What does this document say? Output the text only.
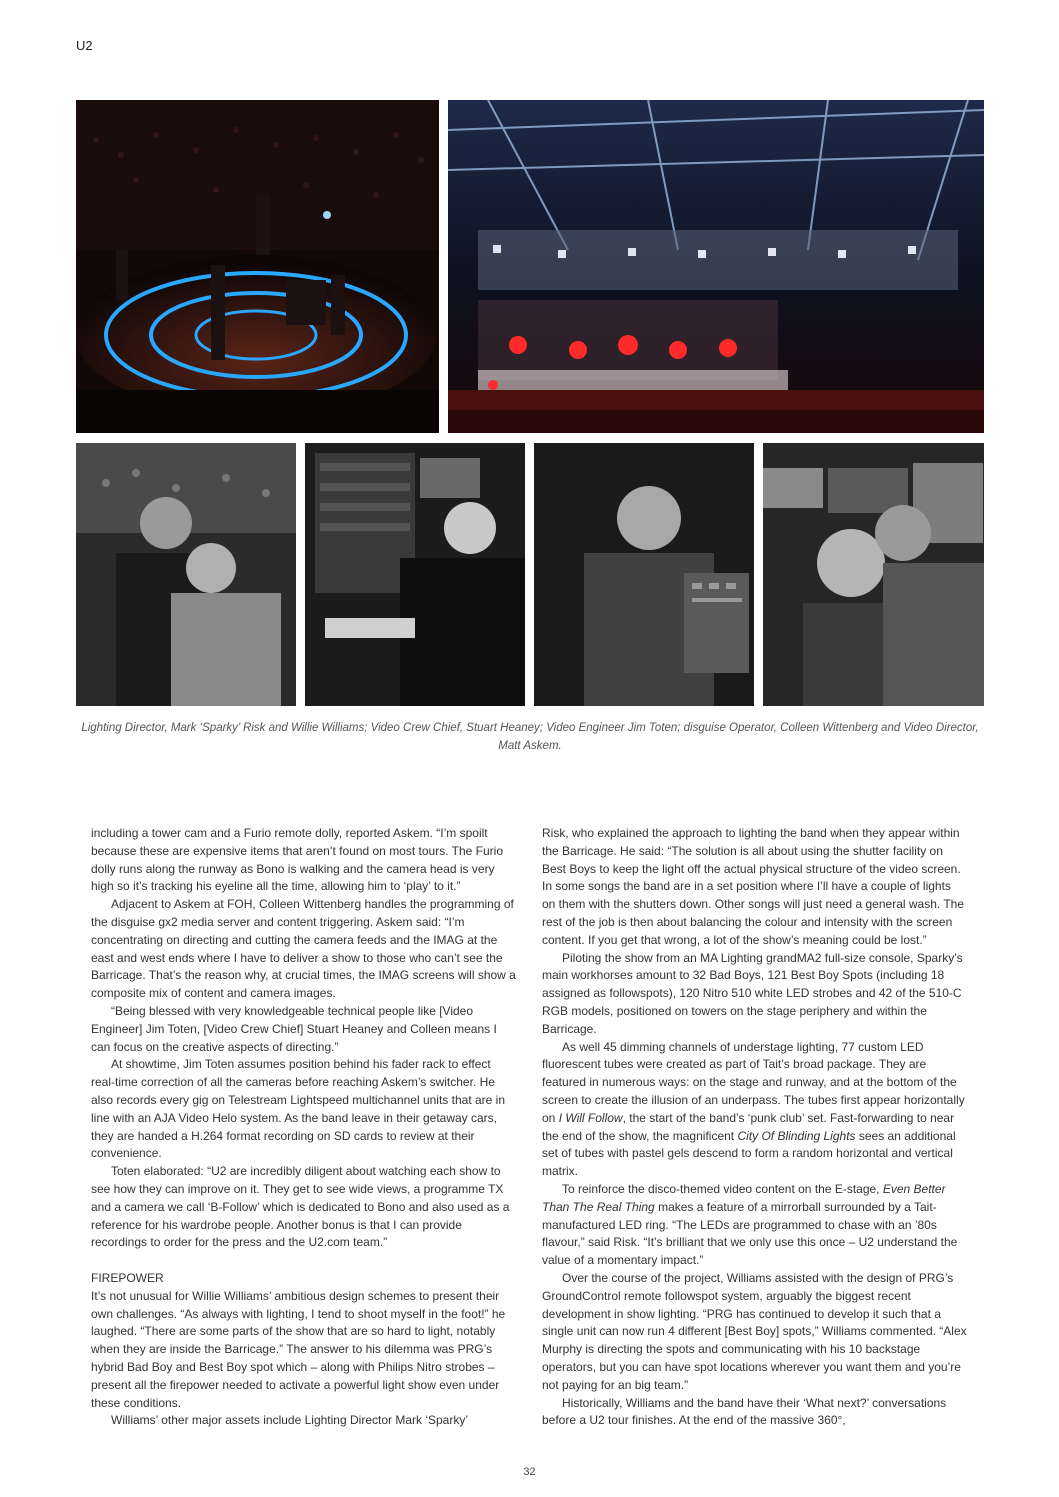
U2
Lighting Director, Mark ‘Sparky’ Risk and Willie Williams; Video Crew Chief, Stuart Heaney; Video Engineer Jim Toten; disguise Operator, Colleen Wittenberg and Video Director, Matt Askem.

including a tower cam and a Furio remote dolly, reported Askem. “I’m spoilt because these are expensive items that aren’t found on most tours. The Furio dolly runs along the runway as Bono is walking and the camera head is very high so it’s tracking his eyeline all the time, allowing him to ‘play’ to it.”

Adjacent to Askem at FOH, Colleen Wittenberg handles the programming of the disguise gx2 media server and content triggering. Askem said: “I’m concentrating on directing and cutting the camera feeds and the IMAG at the east and west ends where I have to deliver a show to those who can’t see the Barricage. That’s the reason why, at crucial times, the IMAG screens will show a composite mix of content and camera images.

“Being blessed with very knowledgeable technical people like [Video Engineer] Jim Toten, [Video Crew Chief] Stuart Heaney and Colleen means I can focus on the creative aspects of directing.”

At showtime, Jim Toten assumes position behind his fader rack to effect real-time correction of all the cameras before reaching Askem’s switcher. He also records every gig on Telestream Lightspeed multichannel units that are in line with an AJA Video Helo system. As the band leave in their getaway cars, they are handed a H.264 format recording on SD cards to review at their convenience.

Toten elaborated: “U2 are incredibly diligent about watching each show to see how they can improve on it. They get to see wide views, a programme TX and a camera we call ‘B-Follow’ which is dedicated to Bono and also used as a reference for his wardrobe people. Another bonus is that I can provide recordings to order for the press and the U2.com team.”

FIREPOWER

It’s not unusual for Willie Williams’ ambitious design schemes to present their own challenges. “As always with lighting, I tend to shoot myself in the foot!” he laughed. “There are some parts of the show that are so hard to light, notably when they are inside the Barricage.” The answer to his dilemma was PRG’s hybrid Bad Boy and Best Boy spot which – along with Philips Nitro strobes – present all the firepower needed to activate a powerful light show even under these conditions.

Williams’ other major assets include Lighting Director Mark ‘Sparky’

Risk, who explained the approach to lighting the band when they appear within the Barricage. He said: “The solution is all about using the shutter facility on Best Boys to keep the light off the actual physical structure of the video screen. In some songs the band are in a set position where I’ll have a couple of lights on them with the shutters down. Other songs will just need a general wash. The rest of the job is then about balancing the colour and intensity with the screen content. If you get that wrong, a lot of the show’s meaning could be lost.”

Piloting the show from an MA Lighting grandMA2 full-size console, Sparky’s main workhorses amount to 32 Bad Boys, 121 Best Boy Spots (including 18 assigned as followspots), 120 Nitro 510 white LED strobes and 42 of the 510-C RGB models, positioned on towers on the stage periphery and within the Barricage.

As well 45 dimming channels of understage lighting, 77 custom LED fluorescent tubes were created as part of Tait’s broad package. They are featured in numerous ways: on the stage and runway, and at the bottom of the screen to create the illusion of an underpass. The tubes first appear horizontally on I Will Follow, the start of the band’s ‘punk club’ set. Fast-forwarding to near the end of the show, the magnificent City Of Blinding Lights sees an additional set of tubes with pastel gels descend to form a random horizontal and vertical matrix.

To reinforce the disco-themed video content on the E-stage, Even Better Than The Real Thing makes a feature of a mirrorball surrounded by a Tait-manufactured LED ring. “The LEDs are programmed to chase with an ’80s flavour,” said Risk. “It’s brilliant that we only use this once – U2 understand the value of a momentary impact.”

Over the course of the project, Williams assisted with the design of PRG’s GroundControl remote followspot system, arguably the biggest recent development in show lighting. “PRG has continued to develop it such that a single unit can now run 4 different [Best Boy] spots,” Williams commented. “Alex Murphy is directing the spots and communicating with his 10 backstage operators, but you can have spot locations wherever you want them and you’re not paying for an big team.”

Historically, Williams and the band have their ‘What next?’ conversations before a U2 tour finishes. At the end of the massive 360°,

32
